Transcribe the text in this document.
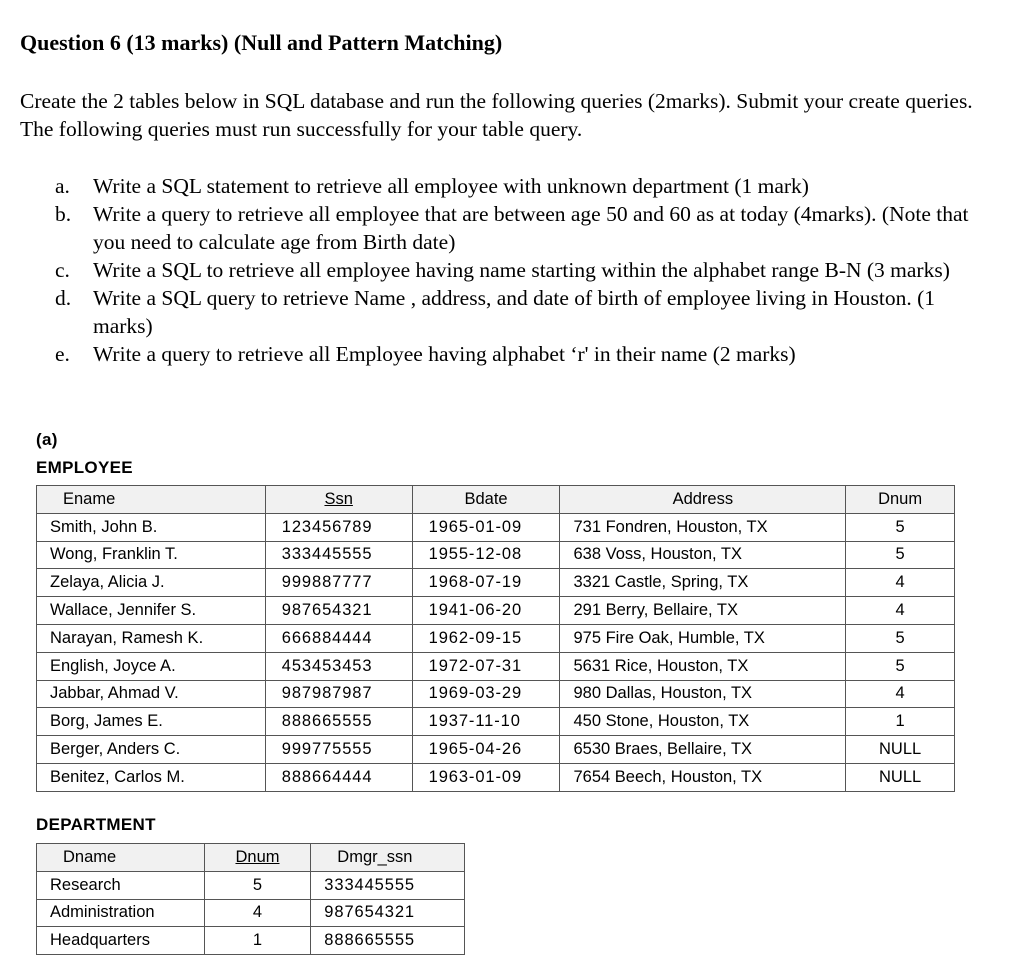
Question 6 (13 marks) (Null and Pattern Matching)

Create the 2 tables below in SQL database and run the following queries (2marks). Submit your create queries. The following queries must run successfully for your table query.

a. Write a SQL statement to retrieve all employee with unknown department (1 mark)
b. Write a query to retrieve all employee that are between age 50 and 60 as at today (4marks). (Note that you need to calculate age from Birth date)
c. Write a SQL to retrieve all employee having name starting within the alphabet range B-N (3 marks)
d. Write a SQL query to retrieve Name , address, and date of birth of employee living in Houston. (1 marks)
e. Write a query to retrieve all Employee having alphabet ‘r' in their name (2 marks)
(a)
EMPLOYEE
Ename	Ssn	Bdate	Address	Dnum
Smith, John B.	123456789	1965-01-09	731 Fondren, Houston, TX	5
Wong, Franklin T.	333445555	1955-12-08	638 Voss, Houston, TX	5
Zelaya, Alicia J.	999887777	1968-07-19	3321 Castle, Spring, TX	4
Wallace, Jennifer S.	987654321	1941-06-20	291 Berry, Bellaire, TX	4
Narayan, Ramesh K.	666884444	1962-09-15	975 Fire Oak, Humble, TX	5
English, Joyce A.	453453453	1972-07-31	5631 Rice, Houston, TX	5
Jabbar, Ahmad V.	987987987	1969-03-29	980 Dallas, Houston, TX	4
Borg, James E.	888665555	1937-11-10	450 Stone, Houston, TX	1
Berger, Anders C.	999775555	1965-04-26	6530 Braes, Bellaire, TX	NULL
Benitez, Carlos M.	888664444	1963-01-09	7654 Beech, Houston, TX	NULL
DEPARTMENT
Dname	Dnum	Dmgr_ssn
Research	5	333445555
Administration	4	987654321
Headquarters	1	888665555
